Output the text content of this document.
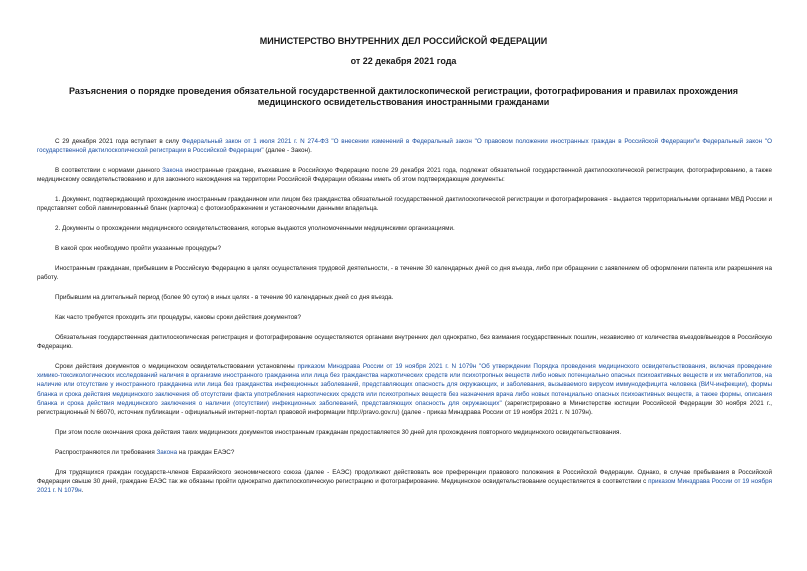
МИНИСТЕРСТВО ВНУТРЕННИХ ДЕЛ РОССИЙСКОЙ ФЕДЕРАЦИИ
от 22 декабря 2021 года
Разъяснения о порядке проведения обязательной государственной дактилоскопической регистрации, фотографирования и правилах прохождения медицинского освидетельствования иностранными гражданами

С 29 декабря 2021 года вступает в силу Федеральный закон от 1 июля 2021 г. N 274-ФЗ "О внесении изменений в Федеральный закон "О правовом положении иностранных граждан в Российской Федерации"и Федеральный закон "О государственной дактилоскопической регистрации в Российской Федерации" (далее - Закон).

В соответствии с нормами данного Закона иностранные граждане, въехавшие в Российскую Федерацию после 29 декабря 2021 года, подлежат обязательной государственной дактилоскопической регистрации, фотографированию, а также медицинскому освидетельствованию и для законного нахождения на территории Российской Федерации обязаны иметь об этом подтверждающие документы:

1. Документ, подтверждающий прохождение иностранным гражданином или лицом без гражданства обязательной государственной дактилоскопической регистрации и фотографирования - выдается территориальными органами МВД России и представляет собой ламинированный бланк (карточка) с фотоизображением и установочными данными владельца.

2. Документы о прохождении медицинского освидетельствования, которые выдаются уполномоченными медицинскими организациями.

В какой срок необходимо пройти указанные процедуры?

Иностранным гражданам, прибывшим в Российскую Федерацию в целях осуществления трудовой деятельности, - в течение 30 календарных дней со дня въезда, либо при обращении с заявлением об оформлении патента или разрешения на работу.

Прибывшим на длительный период (более 90 суток) в иных целях - в течение 90 календарных дней со дня въезда.

Как часто требуется проходить эти процедуры, каковы сроки действия документов?

Обязательная государственная дактилоскопическая регистрация и фотографирование осуществляются органами внутренних дел однократно, без взимания государственных пошлин, независимо от количества въездов/выездов в Российскую Федерацию.

Сроки действия документов о медицинском освидетельствовании установлены приказом Минздрава России от 19 ноября 2021 г. N 1079н "Об утверждении Порядка проведения медицинского освидетельствования, включая проведение химико-токсикологических исследований наличия в организме иностранного гражданина или лица без гражданства наркотических средств или психотропных веществ либо новых потенциально опасных психоактивных веществ и их метаболитов, на наличие или отсутствие у иностранного гражданина или лица без гражданства инфекционных заболеваний, представляющих опасность для окружающих, и заболевания, вызываемого вирусом иммунодефицита человека (ВИЧ-инфекции), формы бланка и срока действия медицинского заключения об отсутствии факта употребления наркотических средств или психотропных веществ без назначения врача либо новых потенциально опасных психоактивных веществ, а также формы, описания бланка и срока действия медицинского заключения о наличии (отсутствии) инфекционных заболеваний, представляющих опасность для окружающих" (зарегистрировано в Министерстве юстиции Российской Федерации 30 ноября 2021 г., регистрационный N 66070, источник публикации - официальный интернет-портал правовой информации http://pravo.gov.ru) (далее - приказ Минздрава России от 19 ноября 2021 г. N 1079н).

При этом после окончания срока действия таких медицинских документов иностранным гражданам предоставляется 30 дней для прохождения повторного медицинского освидетельствования.

Распространяются ли требования Закона на граждан ЕАЭС?

Для трудящихся граждан государств-членов Евразийского экономического союза (далее - ЕАЭС) продолжают действовать все преференции правового положения в Российской Федерации. Однако, в случае пребывания в Российской Федерации свыше 30 дней, граждане ЕАЭС так же обязаны пройти однократно дактилоскопическую регистрацию и фотографирование. Медицинское освидетельствование осуществляется в соответствии с приказом Минздрава России от 19 ноября 2021 г. N 1079н.
